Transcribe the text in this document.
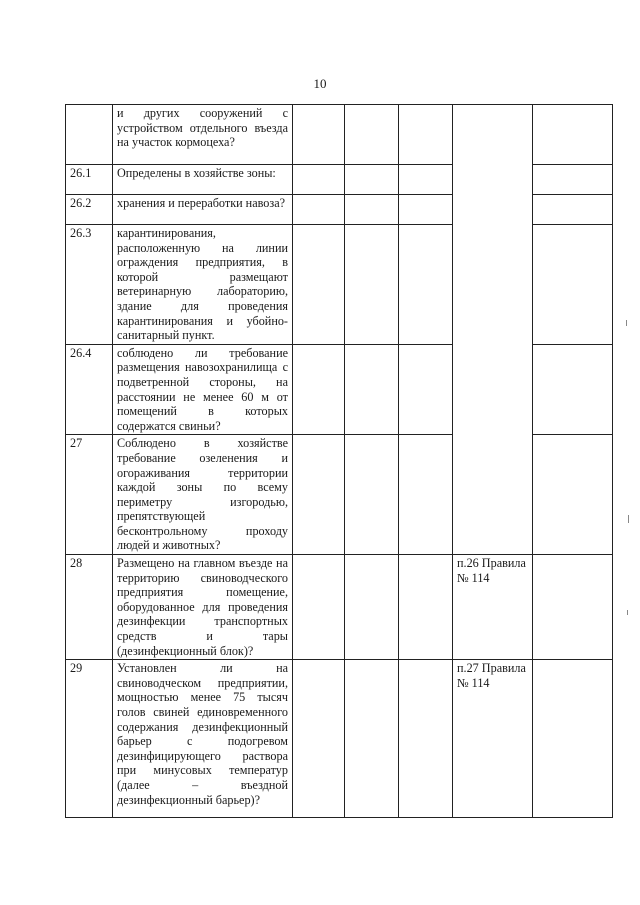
10
	и других сооружений с устройством отдельного въезда на участок кормоцеха?					
26.1	Определены в хозяйстве зоны:					
26.2	хранения и переработки навоза?					
26.3	карантинирования, расположенную на линии ограждения предприятия, в которой размещают ветеринарную лабораторию, здание для проведения карантинирования и убойно-санитарный пункт.					
26.4	соблюдено ли требование размещения навозохранилища с подветренной стороны, на расстоянии не менее 60 м от помещений в которых содержатся свиньи?					
27	Соблюдено в хозяйстве требование озеленения и огораживания территории каждой зоны по всему периметру изгородью, препятствующей бесконтрольному проходу людей и животных?					
28	Размещено на главном въезде на территорию свиноводческого предприятия помещение, оборудованное для проведения дезинфекции транспортных средств и тары (дезинфекционный блок)?				п.26 Правила № 114	
29	Установлен ли на свиноводческом предприятии, мощностью менее 75 тысяч голов свиней единовременного содержания дезинфекционный барьер с подогревом дезинфицирующего раствора при минусовых температур (далее – въездной дезинфекционный барьер)?				п.27 Правила № 114	
